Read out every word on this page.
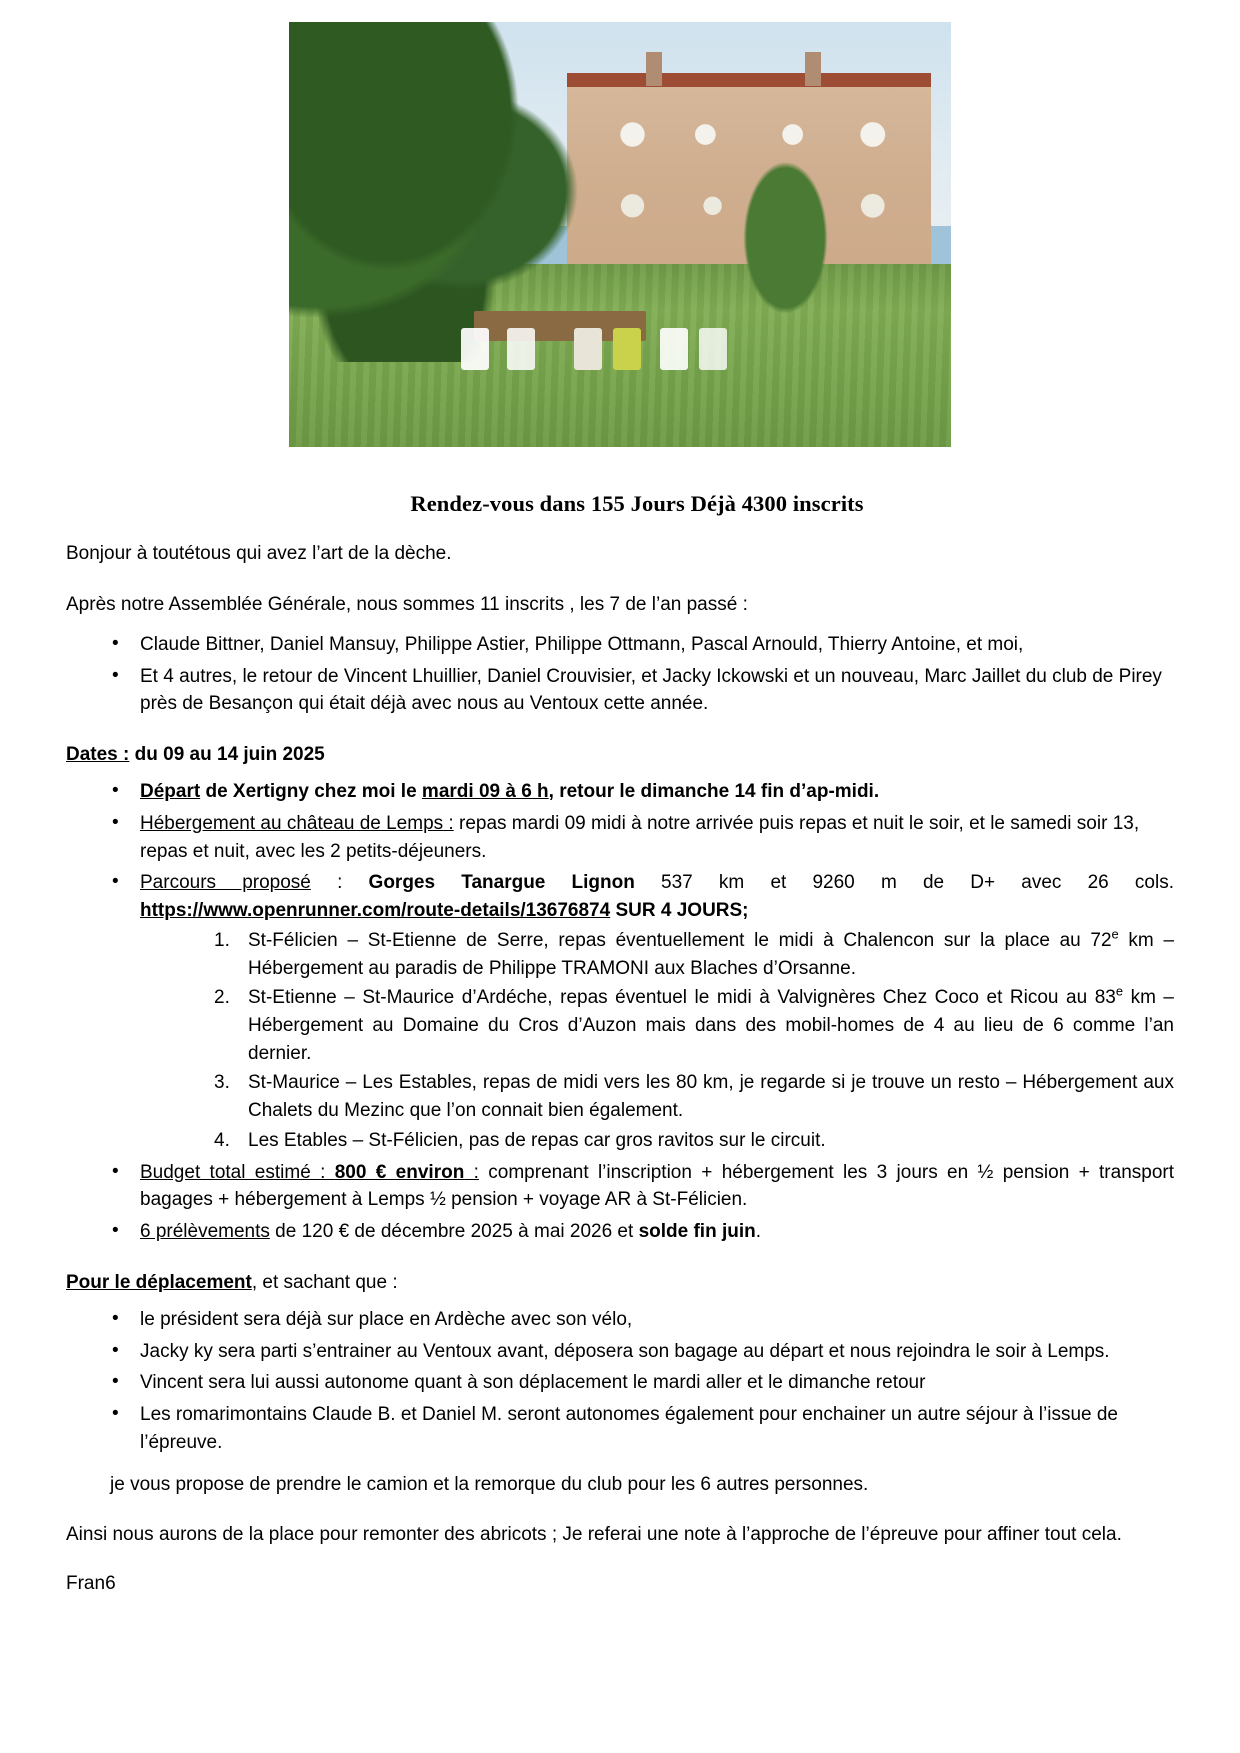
Rendez-vous dans 155 Jours Déjà 4300 inscrits

Bonjour à toutétous qui avez l’art de la dèche.

Après notre Assemblée Générale, nous sommes 11 inscrits , les 7 de l’an passé :

• Claude Bittner, Daniel Mansuy, Philippe Astier, Philippe Ottmann, Pascal Arnould, Thierry Antoine, et moi,
• Et 4 autres, le retour de Vincent Lhuillier, Daniel Crouvisier, et Jacky Ickowski et un nouveau, Marc Jaillet du club de Pirey près de Besançon qui était déjà avec nous au Ventoux cette année.

Dates : du 09 au 14 juin 2025

• Départ de Xertigny chez moi le mardi 09 à 6 h, retour le dimanche 14 fin d’ap-midi.
• Hébergement au château de Lemps : repas mardi 09 midi à notre arrivée puis repas et nuit le soir, et le samedi soir 13, repas et nuit, avec les 2 petits-déjeuners.
• Parcours proposé : Gorges Tanargue Lignon 537 km et 9260 m de D+ avec 26 cols. https://www.openrunner.com/route-details/13676874 SUR 4 JOURS;
St-Félicien – St-Etienne de Serre, repas éventuellement le midi à Chalencon sur la place au 72e km – Hébergement au paradis de Philippe TRAMONI aux Blaches d’Orsanne.
St-Etienne – St-Maurice d’Ardéche, repas éventuel le midi à Valvignères Chez Coco et Ricou au 83e km – Hébergement au Domaine du Cros d’Auzon mais dans des mobil-homes de 4 au lieu de 6 comme l’an dernier.
St-Maurice – Les Estables, repas de midi vers les 80 km, je regarde si je trouve un resto – Hébergement aux Chalets du Mezinc que l’on connait bien également.
Les Etables – St-Félicien, pas de repas car gros ravitos sur le circuit.
• Budget total estimé : 800 € environ : comprenant l’inscription + hébergement les 3 jours en ½ pension + transport bagages + hébergement à Lemps ½ pension + voyage AR à St-Félicien.
• 6 prélèvements de 120 € de décembre 2025 à mai 2026 et solde fin juin.

Pour le déplacement, et sachant que :

• le président sera déjà sur place en Ardèche avec son vélo,
• Jacky ky sera parti s’entrainer au Ventoux avant, déposera son bagage au départ et nous rejoindra le soir à Lemps.
• Vincent sera lui aussi autonome quant à son déplacement le mardi aller et le dimanche retour
• Les romarimontains Claude B. et Daniel M. seront autonomes également pour enchainer un autre séjour à l’issue de l’épreuve.

je vous propose de prendre le camion et la remorque du club pour les 6 autres personnes.

Ainsi nous aurons de la place pour remonter des abricots ; Je referai une note à l’approche de l’épreuve pour affiner tout cela.

Fran6
